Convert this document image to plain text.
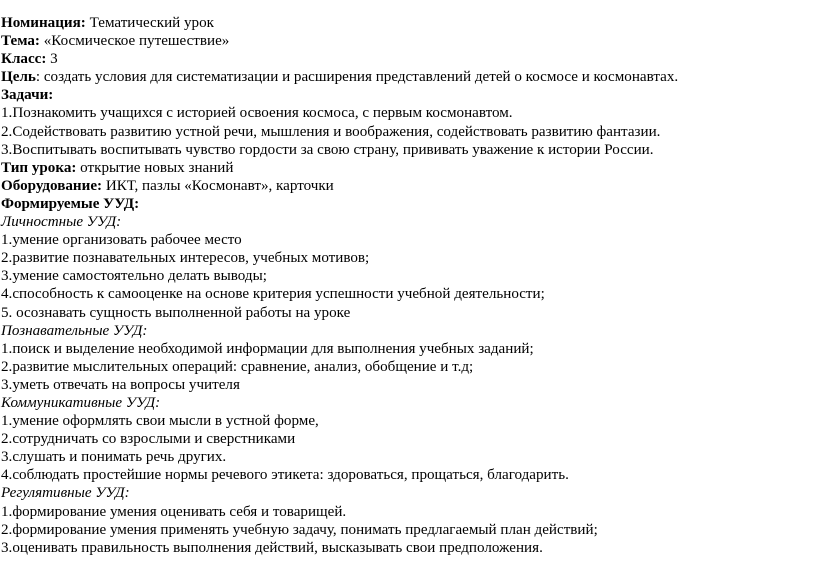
Номинация: Тематический урок
Тема: «Космическое путешествие»
Класс: 3
Цель: создать условия для систематизации и расширения представлений детей о космосе и космонавтах.
Задачи:
1.Познакомить учащихся с историей освоения космоса, с первым космонавтом.
2.Содействовать развитию устной речи, мышления и воображения, содействовать развитию фантазии.
3.Воспитывать воспитывать чувство гордости за свою страну, прививать уважение к истории России.
Тип урока: открытие новых знаний
Оборудование: ИКТ, пазлы «Космонавт», карточки
Формируемые УУД:
Личностные УУД:
1.умение организовать рабочее место
2.развитие познавательных интересов, учебных мотивов;
3.умение самостоятельно делать выводы;
4.способность к самооценке на основе критерия успешности учебной деятельности;
5. осознавать сущность выполненной работы на уроке
Познавательные УУД:
1.поиск и выделение необходимой информации для выполнения учебных заданий;
2.развитие мыслительных операций: сравнение, анализ, обобщение и т.д;
3.уметь отвечать на вопросы учителя
Коммуникативные УУД:
1.умение оформлять свои мысли в устной форме,
2.сотрудничать со взрослыми и сверстниками
3.слушать и понимать речь других.
4.соблюдать простейшие нормы речевого этикета: здороваться, прощаться, благодарить.
Регулятивные УУД:
1.формирование умения оценивать себя и товарищей.
2.формирование умения применять учебную задачу, понимать предлагаемый план действий;
3.оценивать правильность выполнения действий, высказывать свои предположения.
